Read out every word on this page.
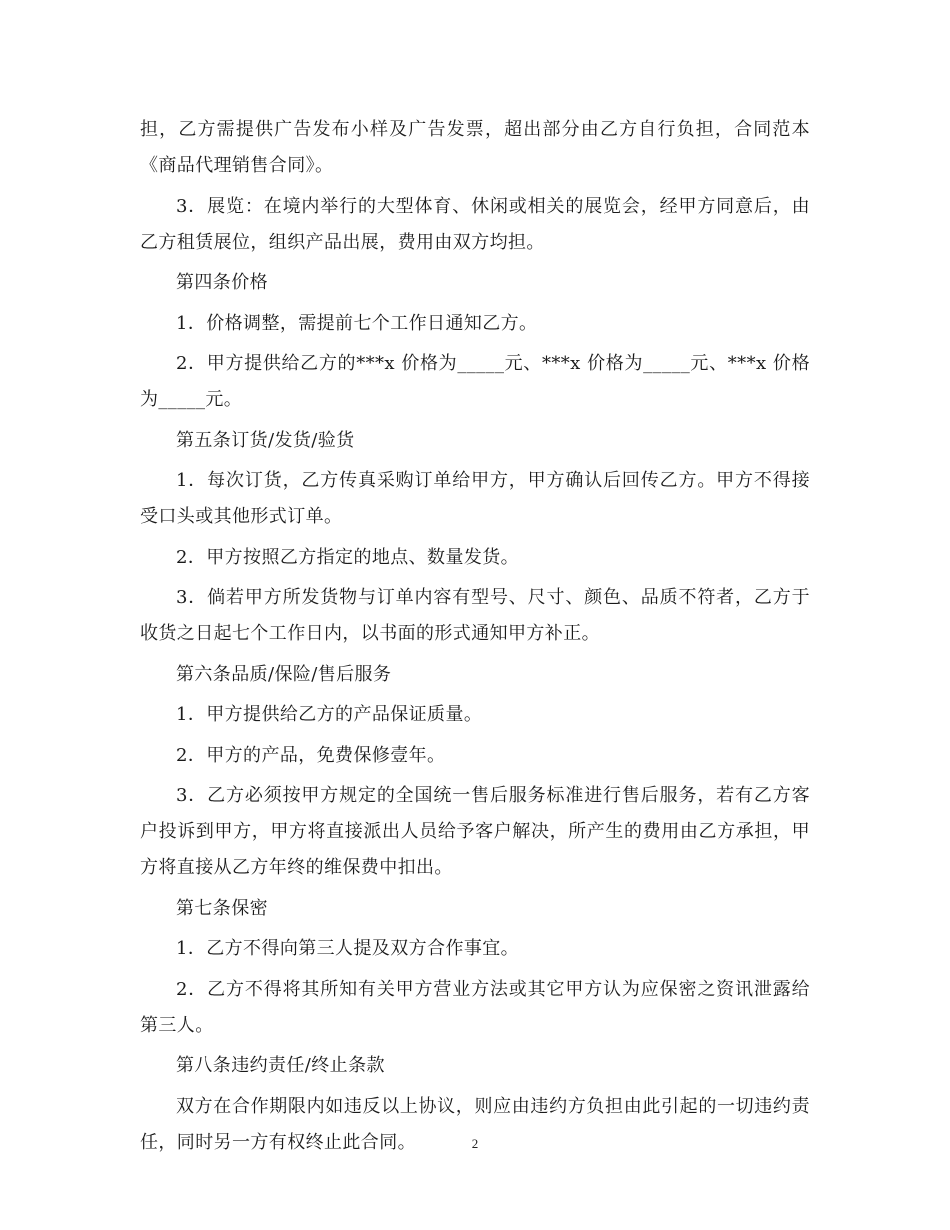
担，乙方需提供广告发布小样及广告发票，超出部分由乙方自行负担，合同范本《商品代理销售合同》。

3．展览：在境内举行的大型体育、休闲或相关的展览会，经甲方同意后，由乙方租赁展位，组织产品出展，费用由双方均担。

第四条价格

1．价格调整，需提前七个工作日通知乙方。

2．甲方提供给乙方的***x 价格为_____元、***x 价格为_____元、***x 价格为_____元。

第五条订货/发货/验货

1．每次订货，乙方传真采购订单给甲方，甲方确认后回传乙方。甲方不得接受口头或其他形式订单。

2．甲方按照乙方指定的地点、数量发货。

3．倘若甲方所发货物与订单内容有型号、尺寸、颜色、品质不符者，乙方于收货之日起七个工作日内，以书面的形式通知甲方补正。

第六条品质/保险/售后服务

1．甲方提供给乙方的产品保证质量。

2．甲方的产品，免费保修壹年。

3．乙方必须按甲方规定的全国统一售后服务标准进行售后服务，若有乙方客户投诉到甲方，甲方将直接派出人员给予客户解决，所产生的费用由乙方承担，甲方将直接从乙方年终的维保费中扣出。

第七条保密

1．乙方不得向第三人提及双方合作事宜。

2．乙方不得将其所知有关甲方营业方法或其它甲方认为应保密之资讯泄露给第三人。

第八条违约责任/终止条款

双方在合作期限内如违反以上协议，则应由违约方负担由此引起的一切违约责任，同时另一方有权终止此合同。	2
